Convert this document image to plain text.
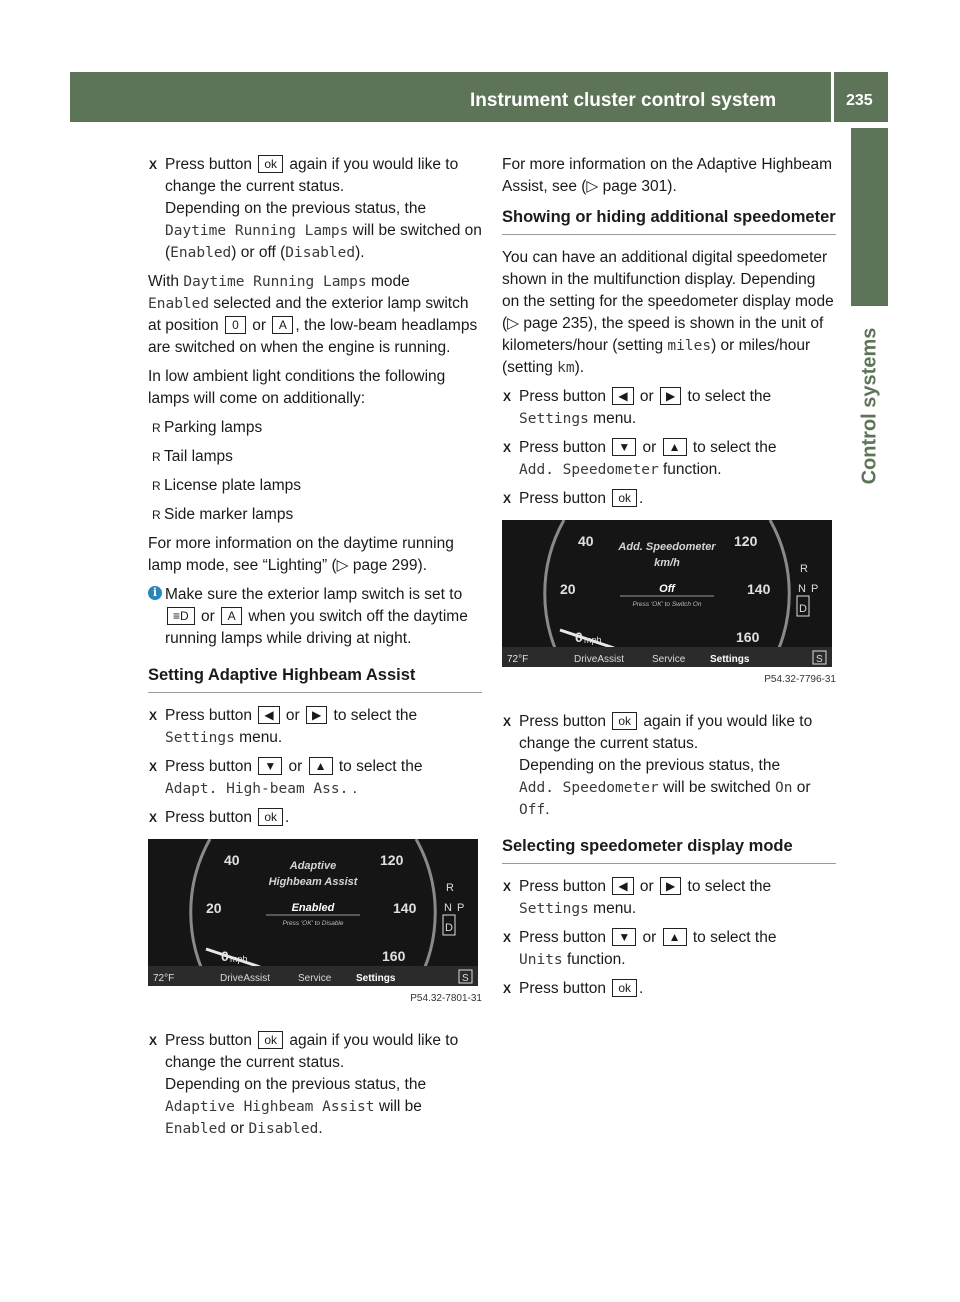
Instrument cluster control system	235
Control systems
X Press button ok again if you would like to change the current status.
Depending on the previous status, the
Daytime Running Lamps will be switched on (Enabled) or off (Disabled).

With Daytime Running Lamps mode
Enabled selected and the exterior lamp switch at position 0 or A , the low-beam headlamps are switched on when the engine is running.

In low ambient light conditions the following lamps will come on additionally:

R Parking lamps
R Tail lamps
R License plate lamps
R Side marker lamps

For more information on the daytime running lamp mode, see “Lighting” (▷ page 299).

i Make sure the exterior lamp switch is set to ≡D or A when you switch off the daytime running lamps while driving at night.
Setting Adaptive Highbeam Assist
X Press button ◀ or ▶ to select the
Settings menu.
X Press button ▼ or ▲ to select the
Adapt. High-beam Ass. .
X Press button ok .
40
20
0
120
140
160
mph
Adaptive
Highbeam Assist
Enabled
Press 'OK' to Disable
R
N P
D
72°F	DriveAssist	Service Settings	S
P54.32-7801-31
X Press button ok again if you would like to change the current status.
Depending on the previous status, the
Adaptive Highbeam Assist will be
Enabled or Disabled.

For more information on the Adaptive Highbeam Assist, see (▷ page 301).

Showing or hiding additional speedometer

You can have an additional digital speedometer shown in the multifunction display. Depending on the setting for the speedometer display mode (▷ page 235), the speed is shown in the unit of kilometers/hour (setting miles) or miles/hour (setting km).

X Press button ◀ or ▶ to select the
Settings menu.
X Press button ▼ or ▲ to select the
Add. Speedometer function.
X Press button ok .
40
20
0
120
140
160
mph
Add. Speedometer
km/h
Off
Press 'OK' to Switch On
R
N P
D
72°F	DriveAssist	Service Settings	S
P54.32-7796-31
X Press button ok again if you would like to change the current status.
Depending on the previous status, the
Add. Speedometer will be switched On or
Off.
Selecting speedometer display mode
X Press button ◀ or ▶ to select the
Settings menu.
X Press button ▼ or ▲ to select the
Units function.
X Press button ok .
